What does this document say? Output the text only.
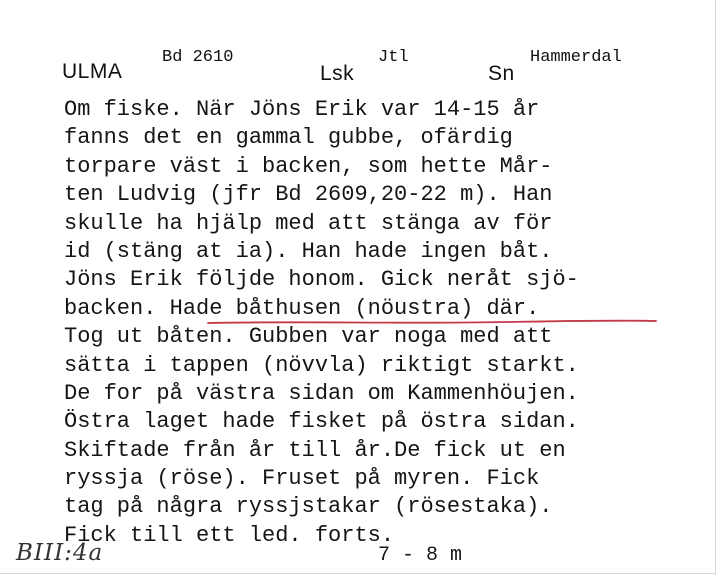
ULMA
Bd 2610
Lsk
Jtl
Sn
Hammerdal
Om fiske. När Jöns Erik var 14-15 år
fanns det en gammal gubbe, ofärdig
torpare väst i backen, som hette Mår-
ten Ludvig (jfr Bd 2609,20-22 m). Han
skulle ha hjälp med att stänga av för
id (stäng at ia). Han hade ingen båt.
Jöns Erik följde honom. Gick neråt sjö-
backen. Hade båthusen (nöustra) där.
Tog ut båten. Gubben var noga med att
sätta i tappen (növvla) riktigt starkt.
De for på västra sidan om Kammenhöujen.
Östra laget hade fisket på östra sidan.
Skiftade från år till år.De fick ut en
ryssja (röse). Fruset på myren. Fick
tag på några ryssjstakar (rösestaka).
Fick till ett led. forts.
BIII:4a	7 - 8 m
